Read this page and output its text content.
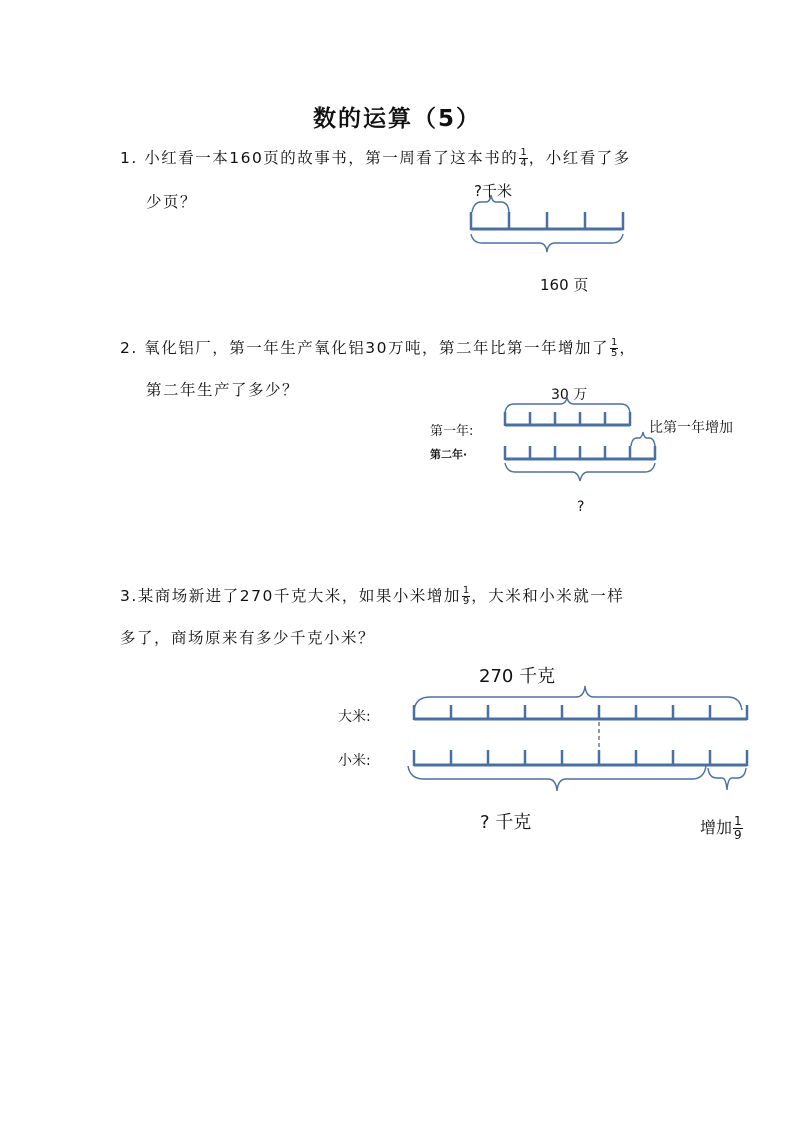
数的运算（5）
1. 小红看一本160页的故事书，第一周看了这本书的 $\frac{1}{4}$ ，小红看了多
少页？
?千米
160 页
2. 氧化铝厂，第一年生产氧化铝30万吨，第二年比第一年增加了 $\frac{1}{5}$ ，
第二年生产了多少？	30 万
第一年:
第二年·
比第一年增加
?
3.某商场新进了270千克大米，如果小米增加 $\frac{1}{9}$ ，大米和小米就一样
多了，商场原来有多少千克小米？
270 千克
大米:
小米:
? 千克	增加 $\frac{1}{9}$
